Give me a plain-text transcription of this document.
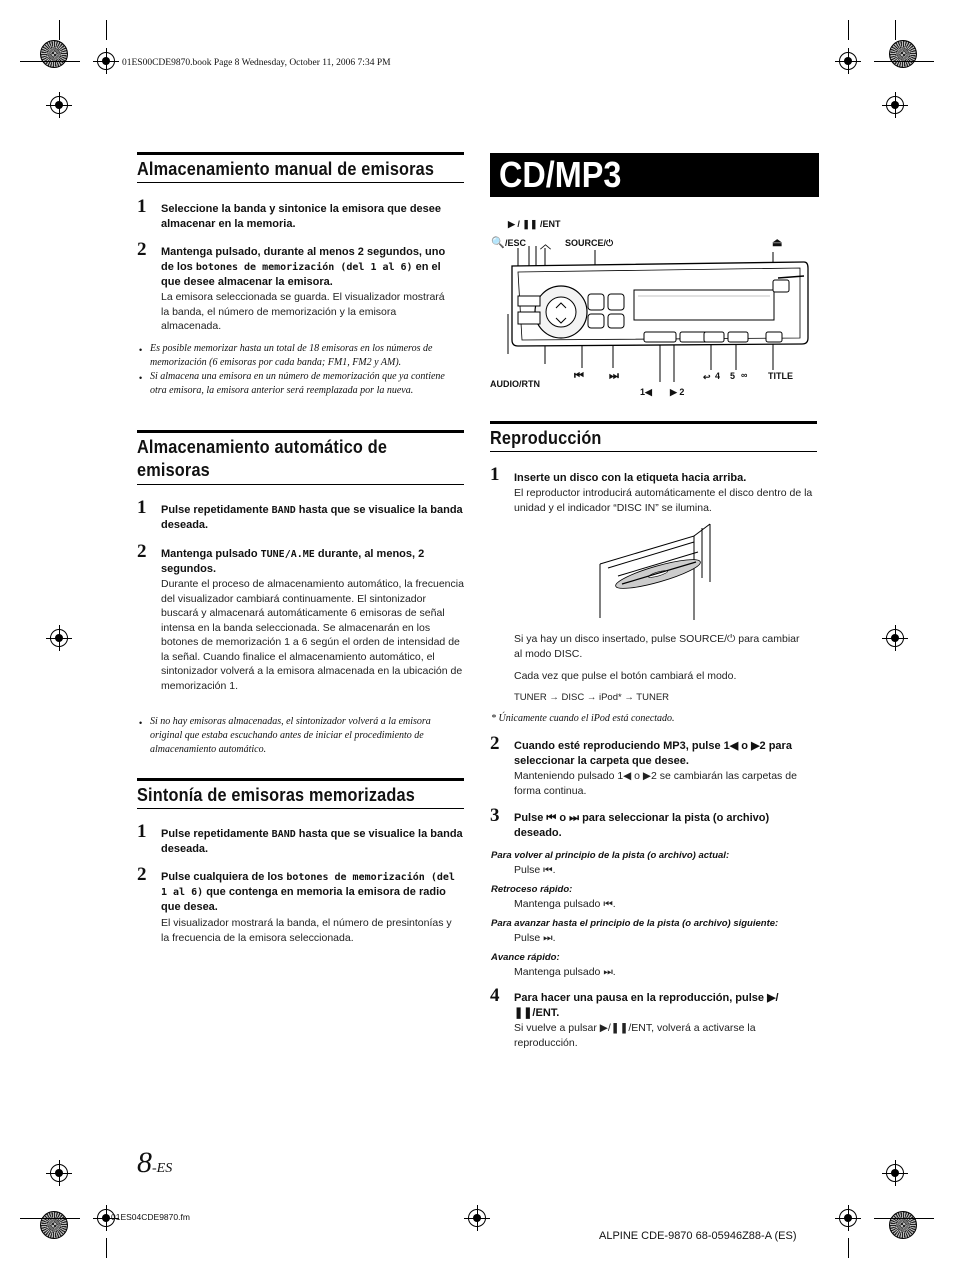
01ES00CDE9870.book Page 8 Wednesday, October 11, 2006 7:34 PM
Almacenamiento manual de emisoras
1 Seleccione la banda y sintonice la emisora que desee almacenar en la memoria.
2 Mantenga pulsado, durante al menos 2 segundos, uno de los botones de memorización (del 1 al 6) en el que desee almacenar la emisora.
La emisora seleccionada se guarda. El visualizador mostrará la banda, el número de memorización y la emisora almacenada.
• Es posible memorizar hasta un total de 18 emisoras en los números de memorización (6 emisoras por cada banda; FM1, FM2 y AM).
• Si almacena una emisora en un número de memorización que ya contiene otra emisora, la emisora anterior será reemplazada por la nueva.
Almacenamiento automático de emisoras
1 Pulse repetidamente BAND hasta que se visualice la banda deseada.
2 Mantenga pulsado TUNE/A.ME durante, al menos, 2 segundos.
Durante el proceso de almacenamiento automático, la frecuencia del visualizador cambiará continuamente. El sintonizador buscará y almacenará automáticamente 6 emisoras de señal intensa en la banda seleccionada. Se almacenarán en los botones de memorización 1 a 6 según el orden de intensidad de la señal. Cuando finalice el almacenamiento automático, el sintonizador volverá a la emisora almacenada en la ubicación de memorización 1.
• Si no hay emisoras almacenadas, el sintonizador volverá a la emisora original que estaba escuchando antes de iniciar el procedimiento de almacenamiento automático.
Sintonía de emisoras memorizadas
1 Pulse repetidamente BAND hasta que se visualice la banda deseada.
2 Pulse cualquiera de los botones de memorización (del 1 al 6) que contenga en memoria la emisora de radio que desea.
El visualizador mostrará la banda, el número de presintonías y la frecuencia de la emisora seleccionada.
CD/MP3
▶ / ❚❚ /ENT
🔍 /ESC ︿ SOURCE/⏻	⏏
AUDIO/RTN
⏮ ⏭
1◀ ▶ 2
↩ 4 5 ∞ TITLE
Reproducción
1 Inserte un disco con la etiqueta hacia arriba.
El reproductor introducirá automáticamente el disco dentro de la unidad y el indicador “DISC IN” se ilumina.
Si ya hay un disco insertado, pulse SOURCE/⏻ para cambiar al modo DISC.
Cada vez que pulse el botón cambiará el modo.
TUNER → DISC → iPod* → TUNER
* Únicamente cuando el iPod está conectado.
2 Cuando esté reproduciendo MP3, pulse 1◀ o ▶2 para seleccionar la carpeta que desee.
Manteniendo pulsado 1◀ o ▶2 se cambiarán las carpetas de forma continua.
3 Pulse ⏮ o ⏭ para seleccionar la pista (o archivo) deseado.
Para volver al principio de la pista (o archivo) actual:
Pulse ⏮.
Retroceso rápido:
Mantenga pulsado ⏮.
Para avanzar hasta el principio de la pista (o archivo) siguiente:
Pulse ⏭.
Avance rápido:
Mantenga pulsado ⏭.
4 Para hacer una pausa en la reproducción, pulse ▶/❚❚/ENT.
Si vuelve a pulsar ▶/❚❚/ENT, volverá a activarse la reproducción.
8-ES
01ES04CDE9870.fm
ALPINE CDE-9870 68-05946Z88-A (ES)
